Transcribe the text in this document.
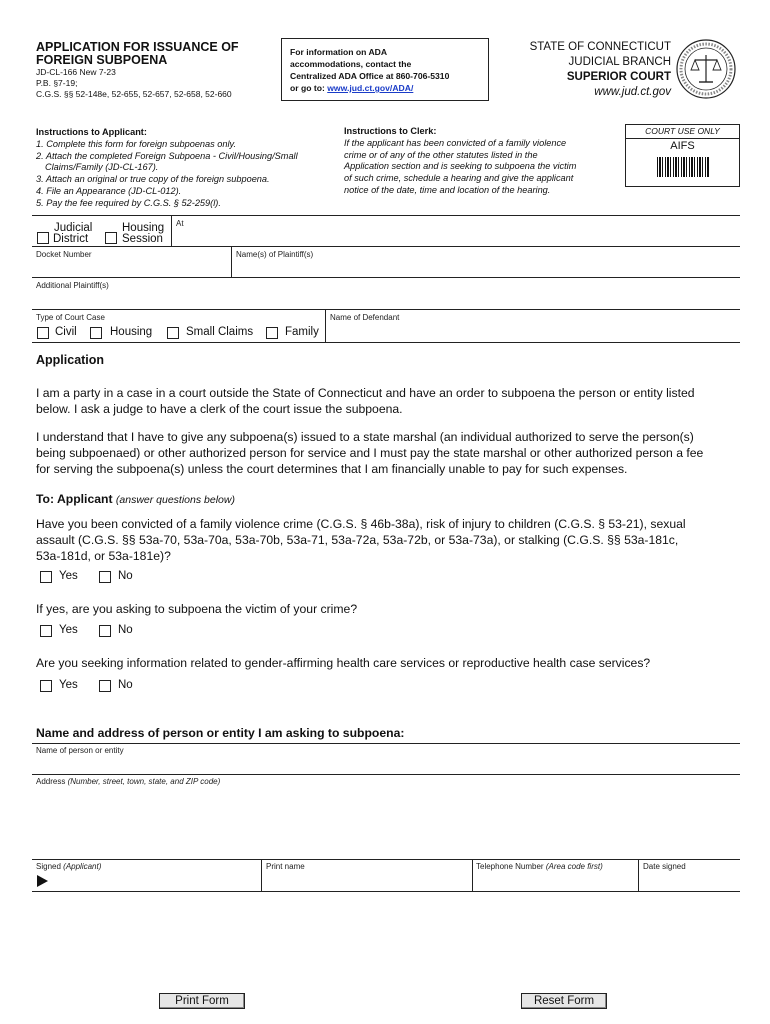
APPLICATION FOR ISSUANCE OF
FOREIGN SUBPOENA
JD-CL-166 New 7-23
P.B. §7-19;
C.G.S. §§ 52-148e, 52-655, 52-657, 52-658, 52-660
For information on ADA
accommodations, contact the
Centralized ADA Office at 860-706-5310
or go to: www.jud.ct.gov/ADA/
STATE OF CONNECTICUT
JUDICIAL BRANCH
SUPERIOR COURT
www.jud.ct.gov
Instructions to Applicant:
1. Complete this form for foreign subpoenas only.
2. Attach the completed Foreign Subpoena - Civil/Housing/Small
Claims/Family (JD-CL-167).
3. Attach an original or true copy of the foreign subpoena.
4. File an Appearance (JD-CL-012).
5. Pay the fee required by C.G.S. § 52-259(l).
Instructions to Clerk:
If the applicant has been convicted of a family violence
crime or of any of the other statutes listed in the
Application section and is seeking to subpoena the victim
of such crime, schedule a hearing and give the applicant
notice of the date, time and location of the hearing.
COURT USE ONLY
AIFS
Judicial
District
Housing
Session
At
Docket Number	Name(s) of Plaintiff(s)
Additional Plaintiff(s)
Type of Court Case	Name of Defendant
Civil	Housing	Small Claims	Family
Application
I am a party in a case in a court outside the State of Connecticut and have an order to subpoena the person or entity listed
below. I ask a judge to have a clerk of the court issue the subpoena.
I understand that I have to give any subpoena(s) issued to a state marshal (an individual authorized to serve the person(s)
being subpoenaed) or other authorized person for service and I must pay the state marshal or other authorized person a fee
for serving the subpoena(s) unless the court determines that I am financially unable to pay for such expenses.
To: Applicant (answer questions below)
Have you been convicted of a family violence crime (C.G.S. § 46b-38a), risk of injury to children (C.G.S. § 53-21), sexual
assault (C.G.S. §§ 53a-70, 53a-70a, 53a-70b, 53a-71, 53a-72a, 53a-72b, or 53a-73a), or stalking (C.G.S. §§ 53a-181c,
53a-181d, or 53a-181e)?
Yes	No
If yes, are you asking to subpoena the victim of your crime?
Yes	No
Are you seeking information related to gender-affirming health care services or reproductive health case services?
Yes	No
Name and address of person or entity I am asking to subpoena:
Name of person or entity
Address (Number, street, town, state, and ZIP code)
Signed (Applicant)	Print name	Telephone Number (Area code first)	Date signed
Print Form	Reset Form
